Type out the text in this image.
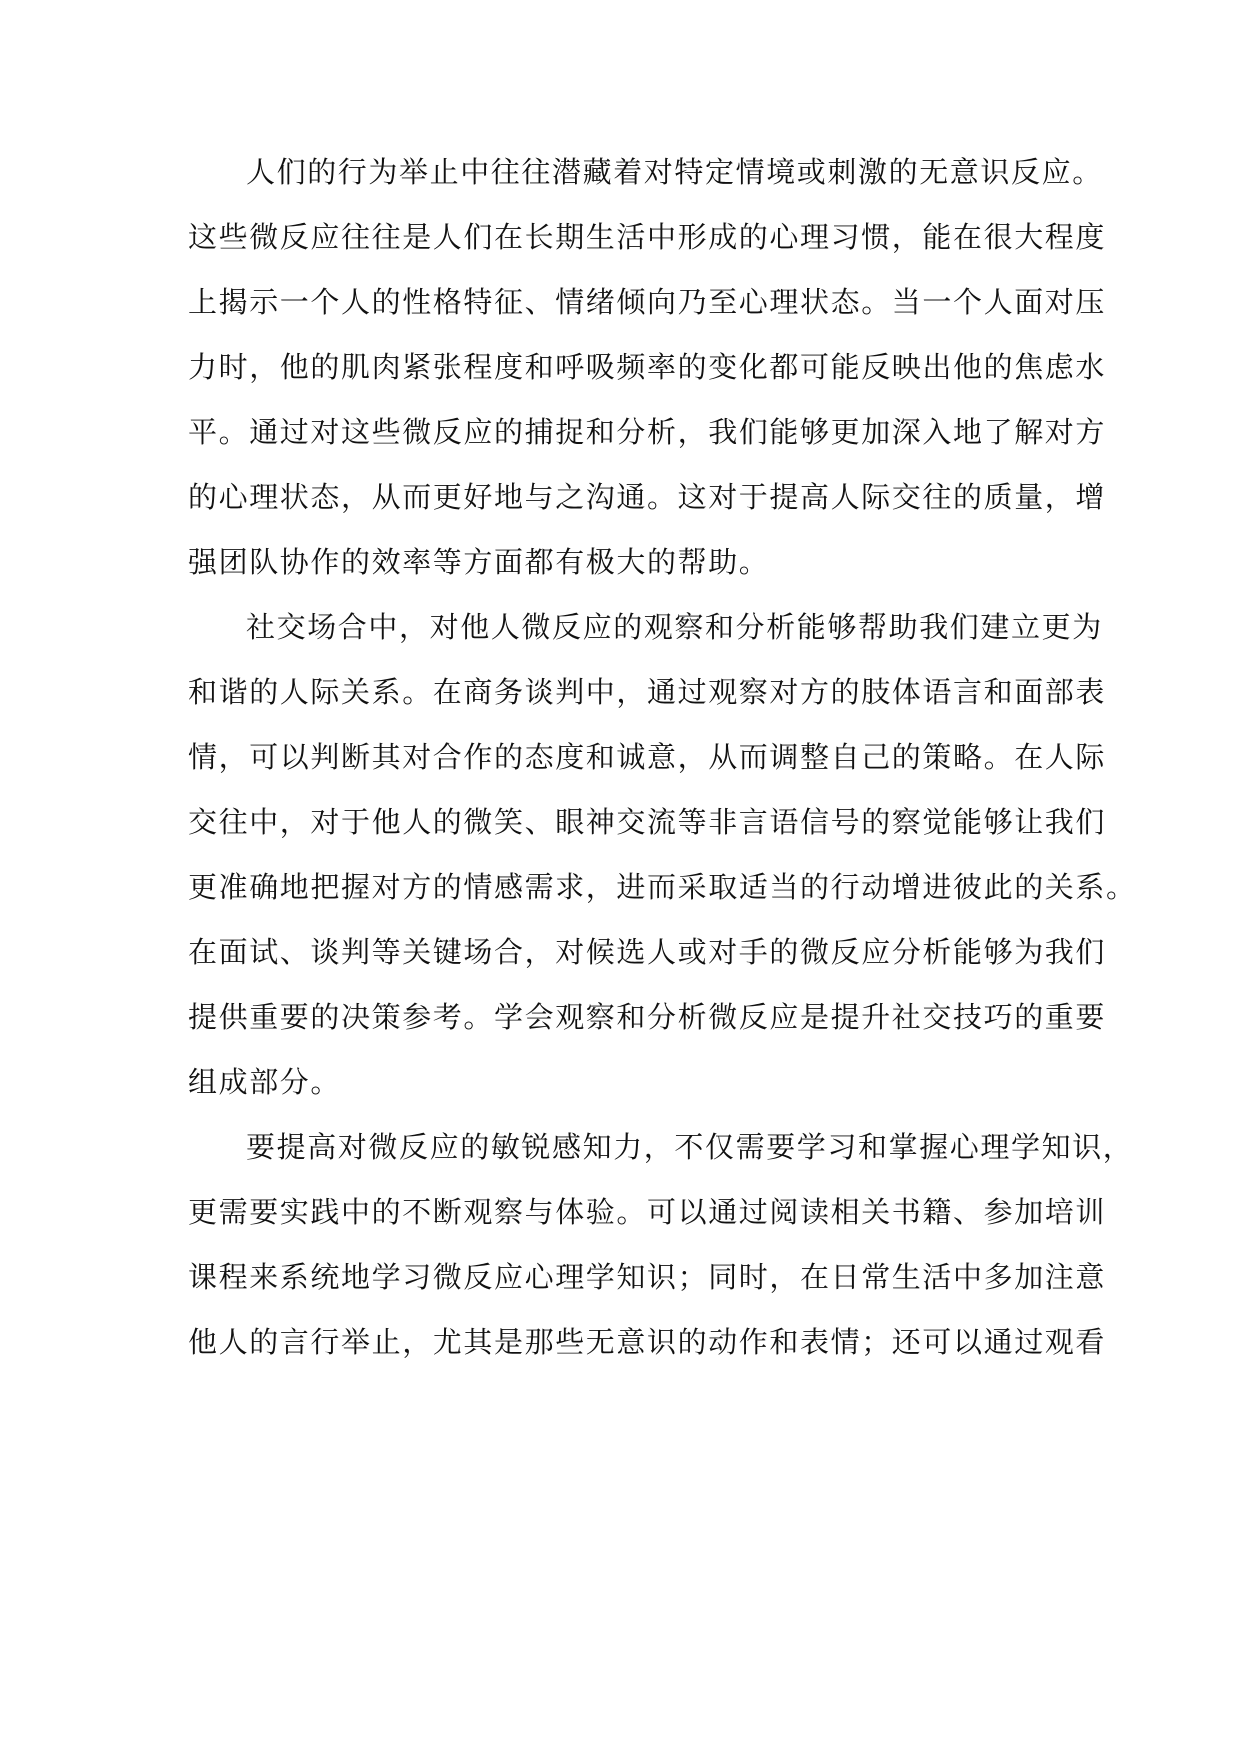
人们的行为举止中往往潜藏着对特定情境或刺激的无意识反应。
这些微反应往往是人们在长期生活中形成的心理习惯，能在很大程度
上揭示一个人的性格特征、情绪倾向乃至心理状态。当一个人面对压
力时，他的肌肉紧张程度和呼吸频率的变化都可能反映出他的焦虑水
平。通过对这些微反应的捕捉和分析，我们能够更加深入地了解对方
的心理状态，从而更好地与之沟通。这对于提高人际交往的质量，增
强团队协作的效率等方面都有极大的帮助。
社交场合中，对他人微反应的观察和分析能够帮助我们建立更为
和谐的人际关系。在商务谈判中，通过观察对方的肢体语言和面部表
情，可以判断其对合作的态度和诚意，从而调整自己的策略。在人际
交往中，对于他人的微笑、眼神交流等非言语信号的察觉能够让我们
更准确地把握对方的情感需求，进而采取适当的行动增进彼此的关系。
在面试、谈判等关键场合，对候选人或对手的微反应分析能够为我们
提供重要的决策参考。学会观察和分析微反应是提升社交技巧的重要
组成部分。
要提高对微反应的敏锐感知力，不仅需要学习和掌握心理学知识，
更需要实践中的不断观察与体验。可以通过阅读相关书籍、参加培训
课程来系统地学习微反应心理学知识；同时，在日常生活中多加注意
他人的言行举止，尤其是那些无意识的动作和表情；还可以通过观看
